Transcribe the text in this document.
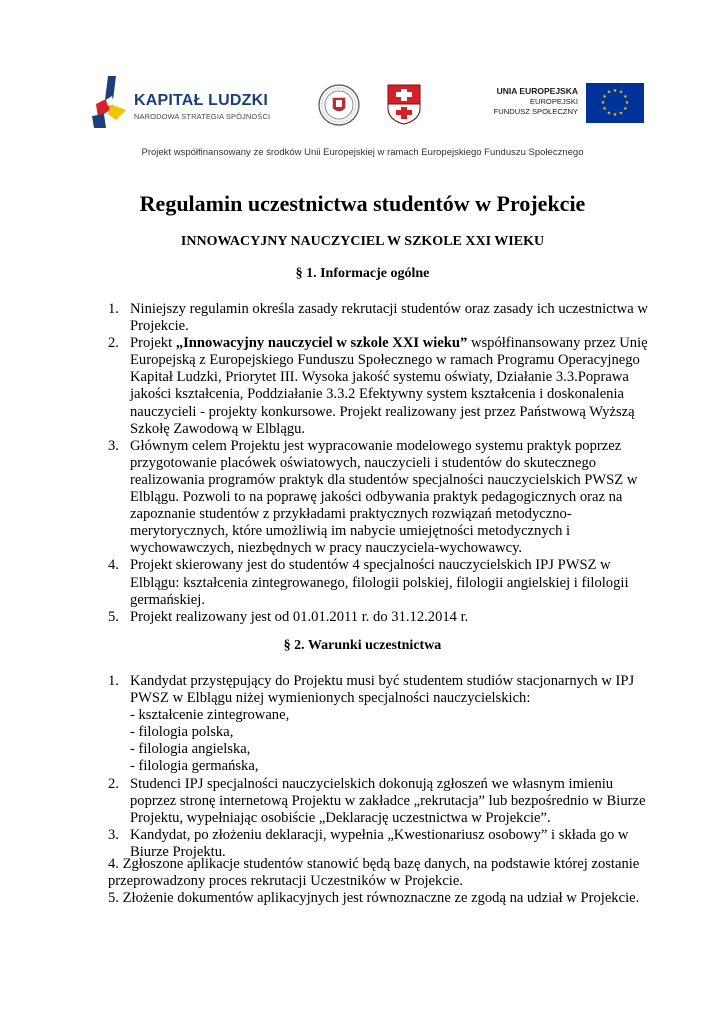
KAPITAŁ LUDZKI
NARODOWA STRATEGIA SPÓJNOŚCI
UNIA EUROPEJSKA
EUROPEJSKI
FUNDUSZ SPOŁECZNY
★ ★
★
★
★
★
★
★
★
★
★
★
Projekt współfinansowany ze środków Unii Europejskiej w ramach Europejskiego Funduszu Społecznego
Regulamin uczestnictwa studentów w Projekcie
INNOWACYJNY NAUCZYCIEL W SZKOLE XXI WIEKU
§ 1. Informacje ogólne
1. Niniejszy regulamin określa zasady rekrutacji studentów oraz zasady ich uczestnictwa w Projekcie.
2. Projekt „Innowacyjny nauczyciel w szkole XXI wieku” współfinansowany przez Unię Europejską z Europejskiego Funduszu Społecznego w ramach Programu Operacyjnego Kapitał Ludzki, Priorytet III. Wysoka jakość systemu oświaty, Działanie 3.3.Poprawa jakości kształcenia, Poddziałanie 3.3.2 Efektywny system kształcenia i doskonalenia nauczycieli - projekty konkursowe. Projekt realizowany jest przez Państwową Wyższą Szkołę Zawodową w Elblągu.
3. Głównym celem Projektu jest wypracowanie modelowego systemu praktyk poprzez przygotowanie placówek oświatowych, nauczycieli i studentów do skutecznego realizowania programów praktyk dla studentów specjalności nauczycielskich PWSZ w Elblągu. Pozwoli to na poprawę jakości odbywania praktyk pedagogicznych oraz na zapoznanie studentów z przykładami praktycznych rozwiązań metodyczno-merytorycznych, które umożliwią im nabycie umiejętności metodycznych i wychowawczych, niezbędnych w pracy nauczyciela-wychowawcy.
4. Projekt skierowany jest do studentów 4 specjalności nauczycielskich IPJ PWSZ w Elblągu: kształcenia zintegrowanego, filologii polskiej, filologii angielskiej i filologii germańskiej.
5. Projekt realizowany jest od 01.01.2011 r. do 31.12.2014 r.
§ 2. Warunki uczestnictwa
1. Kandydat przystępujący do Projektu musi być studentem studiów stacjonarnych w IPJ PWSZ w Elblągu niżej wymienionych specjalności nauczycielskich:
- kształcenie zintegrowane,
- filologia polska,
- filologia angielska,
- filologia germańska,
2. Studenci IPJ specjalności nauczycielskich dokonują zgłoszeń we własnym imieniu poprzez stronę internetową Projektu w zakładce „rekrutacja” lub bezpośrednio w Biurze Projektu, wypełniając osobiście „Deklarację uczestnictwa w Projekcie”.
3. Kandydat, po złożeniu deklaracji, wypełnia „Kwestionariusz osobowy” i składa go w Biurze Projektu.
4. Zgłoszone aplikacje studentów stanowić będą bazę danych, na podstawie której zostanie przeprowadzony proces rekrutacji Uczestników w Projekcie.
5. Złożenie dokumentów aplikacyjnych jest równoznaczne ze zgodą na udział w Projekcie.
